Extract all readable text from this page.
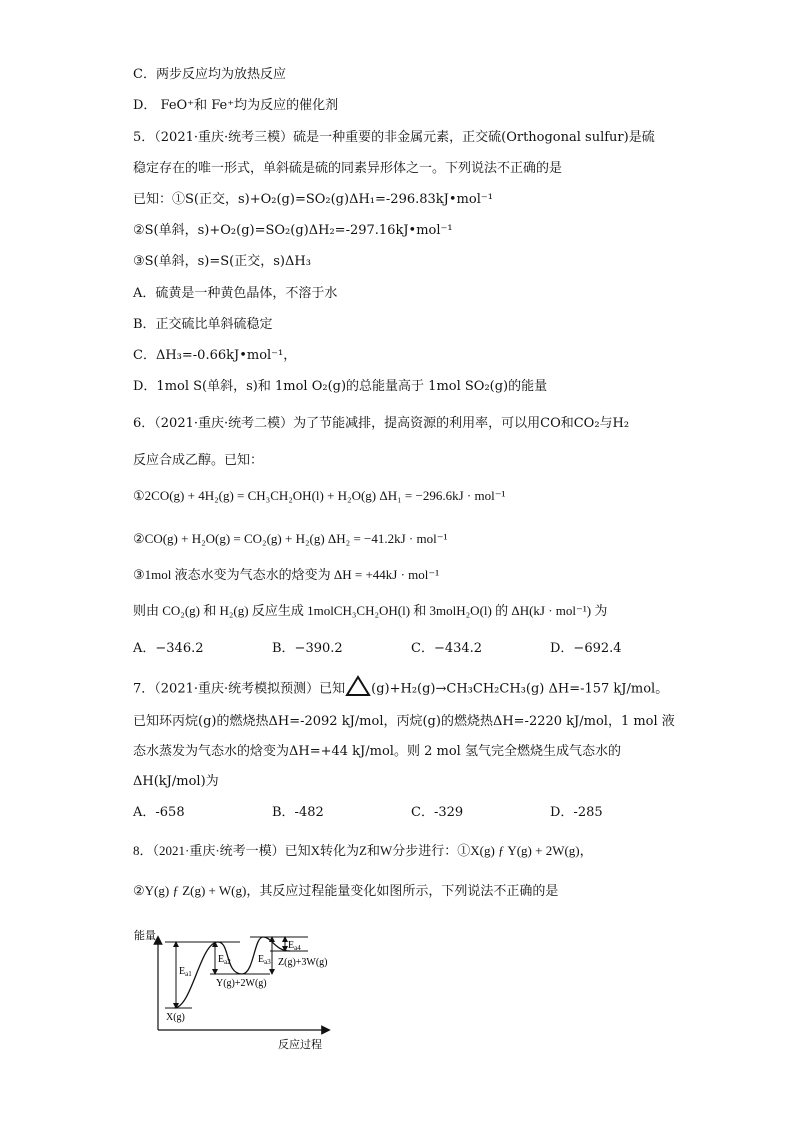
C．两步反应均为放热反应
D． FeO⁺和 Fe⁺均为反应的催化剂
5．（2021·重庆·统考三模）硫是一种重要的非金属元素，正交硫(Orthogonal sulfur)是硫
稳定存在的唯一形式，单斜硫是硫的同素异形体之一。下列说法不正确的是
已知：①S(正交，s)+O₂(g)=SO₂(g)ΔH₁=-296.83kJ•mol⁻¹
②S(单斜，s)+O₂(g)=SO₂(g)ΔH₂=-297.16kJ•mol⁻¹
③S(单斜，s)=S(正交，s)ΔH₃
A．硫黄是一种黄色晶体，不溶于水
B．正交硫比单斜硫稳定
C．ΔH₃=-0.66kJ•mol⁻¹，
D．1mol S(单斜，s)和 1mol O₂(g)的总能量高于 1mol SO₂(g)的能量
6．（2021·重庆·统考二模）为了节能减排，提高资源的利用率，可以用CO和CO₂与H₂
反应合成乙醇。已知：
①2CO(g) + 4H₂(g) = CH₃CH₂OH(l) + H₂O(g) ΔH₁ = −296.6kJ · mol⁻¹
②CO(g) + H₂O(g) = CO₂(g) + H₂(g) ΔH₂ = −41.2kJ · mol⁻¹
③1mol 液态水变为气态水的焓变为 ΔH = +44kJ · mol⁻¹
则由 CO₂(g) 和 H₂(g) 反应生成 1molCH₃CH₂OH(l) 和 3molH₂O(l) 的 ΔH(kJ · mol⁻¹) 为
A．−346.2	B．−390.2	C．−434.2	D．−692.4
7．（2021·重庆·统考模拟预测）已知 (g)+H₂(g)→CH₃CH₂CH₃(g) ΔH=-157 kJ/mol。
已知环丙烷(g)的燃烧热ΔH=-2092 kJ/mol，丙烷(g)的燃烧热ΔH=-2220 kJ/mol，1 mol 液
态水蒸发为气态水的焓变为ΔH=+44 kJ/mol。则 2 mol 氢气完全燃烧生成气态水的
ΔH(kJ/mol)为
A．-658	B．-482	C．-329	D．-285
8．（2021·重庆·统考一模）已知X转化为Z和W分步进行：①X(g) ƒ Y(g) + 2W(g)，
②Y(g) ƒ Z(g) + W(g)，其反应过程能量变化如图所示，下列说法不正确的是
能量
反应过程
$E_{a1}$
$E_{a2}$	$E_{a3}$
$E_{a4}$
X(g)
Y(g)+2W(g)
Z(g)+3W(g)
